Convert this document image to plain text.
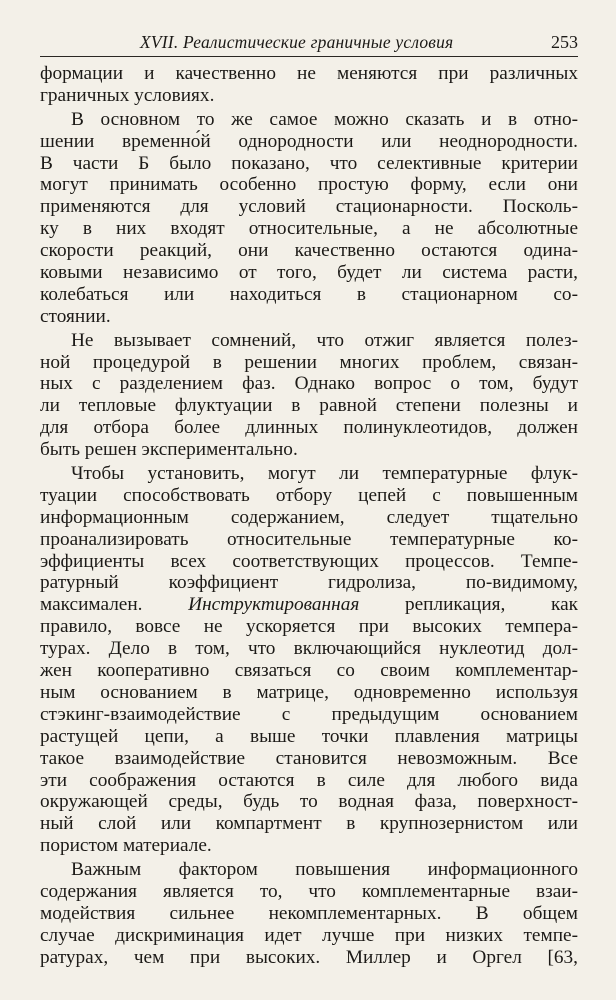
XVII. Реалистические граничные условия	253
формации и качественно не меняются при различных
граничных условиях.
В основном то же самое можно сказать и в отно-
шении временно́й однородности или неоднородности.
В части Б было показано, что селективные критерии
могут принимать особенно простую форму, если они
применяются для условий стационарности. Посколь-
ку в них входят относительные, а не абсолютные
скорости реакций, они качественно остаются одина-
ковыми независимо от того, будет ли система расти,
колебаться или находиться в стационарном со-
стоянии.
Не вызывает сомнений, что отжиг является полез-
ной процедурой в решении многих проблем, связан-
ных с разделением фаз. Однако вопрос о том, будут
ли тепловые флуктуации в равной степени полезны и
для отбора более длинных полинуклеотидов, должен
быть решен экспериментально.
Чтобы установить, могут ли температурные флук-
туации способствовать отбору цепей с повышенным
информационным содержанием, следует тщательно
проанализировать относительные температурные ко-
эффициенты всех соответствующих процессов. Темпе-
ратурный коэффициент гидролиза, по-видимому,
максимален. Инструктированная репликация, как
правило, вовсе не ускоряется при высоких темпера-
турах. Дело в том, что включающийся нуклеотид дол-
жен кооперативно связаться со своим комплементар-
ным основанием в матрице, одновременно используя
стэкинг-взаимодействие с предыдущим основанием
растущей цепи, а выше точки плавления матрицы
такое взаимодействие становится невозможным. Все
эти соображения остаются в силе для любого вида
окружающей среды, будь то водная фаза, поверхност-
ный слой или компартмент в крупнозернистом или
пористом материале.
Важным фактором повышения информационного
содержания является то, что комплементарные взаи-
модействия сильнее некомплементарных. В общем
случае дискриминация идет лучше при низких темпе-
ратурах, чем при высоких. Миллер и Оргел [63,
